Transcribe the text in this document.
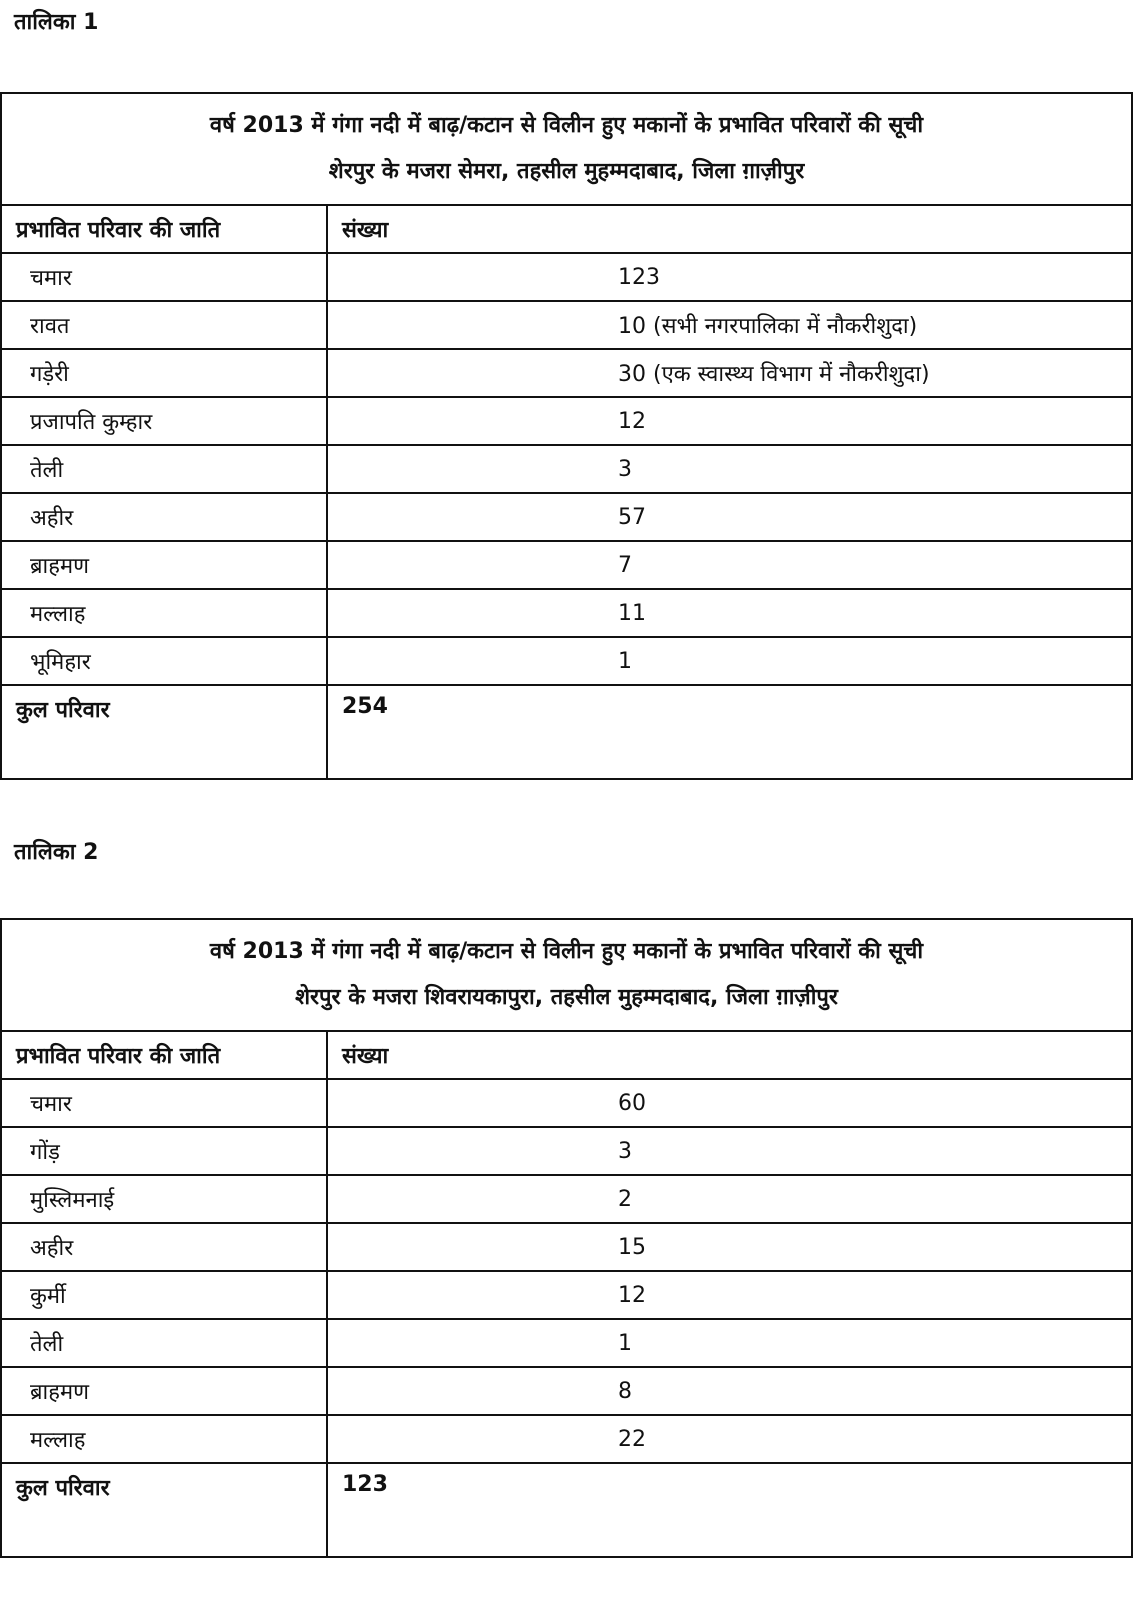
तालिका 1
वर्ष 2013 में गंगा नदी में बाढ़/कटान से विलीन हुए मकानों के प्रभावित परिवारों की सूची
शेरपुर के मजरा सेमरा, तहसील मुहम्मदाबाद, जिला ग़ाज़ीपुर	

प्रभावित परिवार की जाति	संख्या
चमार	123
रावत	10 (सभी नगरपालिका में नौकरीशुदा)
गड़ेरी	30 (एक स्वास्थ्य विभाग में नौकरीशुदा)
प्रजापति कुम्हार	12
तेली	3
अहीर	57
ब्राहमण	7
मल्लाह	11
भूमिहार	1
कुल परिवार	254
तालिका 2
वर्ष 2013 में गंगा नदी में बाढ़/कटान से विलीन हुए मकानों के प्रभावित परिवारों की सूची
शेरपुर के मजरा शिवरायकापुरा, तहसील मुहम्मदाबाद, जिला ग़ाज़ीपुर	

प्रभावित परिवार की जाति	संख्या
चमार	60
गोंड़	3
मुस्लिमनाई	2
अहीर	15
कुर्मी	12
तेली	1
ब्राहमण	8
मल्लाह	22
कुल परिवार	123
